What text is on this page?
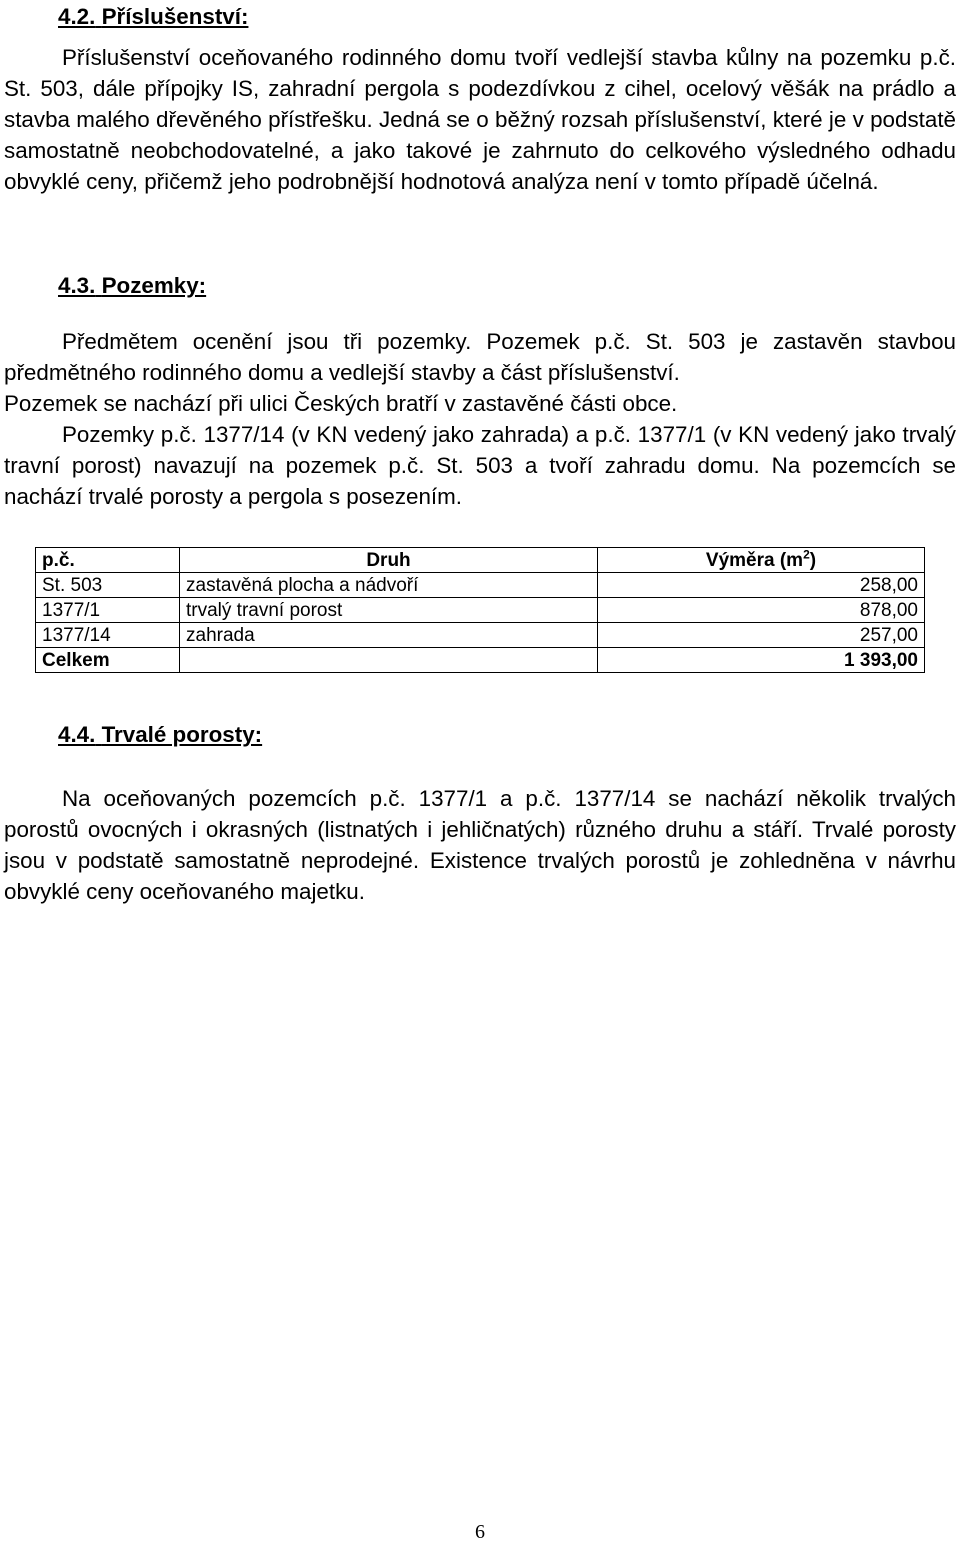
4.2. Příslušenství:

Příslušenství oceňovaného rodinného domu tvoří vedlejší stavba kůlny na pozemku p.č. St. 503, dále přípojky IS, zahradní pergola s podezdívkou z cihel, ocelový věšák na prádlo a stavba malého dřevěného přístřešku. Jedná se o běžný rozsah příslušenství, které je v podstatě samostatně neobchodovatelné, a jako takové je zahrnuto do celkového výsledného odhadu obvyklé ceny, přičemž jeho podrobnější hodnotová analýza není v tomto případě účelná.

4.3. Pozemky:

Předmětem ocenění jsou tři pozemky. Pozemek p.č. St. 503 je zastavěn stavbou předmětného rodinného domu a vedlejší stavby a část příslušenství.

Pozemek se nachází při ulici Českých bratří v zastavěné části obce.

Pozemky p.č. 1377/14 (v KN vedený jako zahrada) a p.č. 1377/1 (v KN vedený jako trvalý travní porost) navazují na pozemek p.č. St. 503 a tvoří zahradu domu. Na pozemcích se nachází trvalé porosty a pergola s posezením.

p.č.	Druh	Výměra $(m^2)$
St. 503	zastavěná plocha a nádvoří	258,00
1377/1	trvalý travní porost	878,00
1377/14	zahrada	257,00
Celkem		1 393,00
4.4. Trvalé porosty:

Na oceňovaných pozemcích p.č. 1377/1 a p.č. 1377/14 se nachází několik trvalých porostů ovocných i okrasných (listnatých i jehličnatých) různého druhu a stáří. Trvalé porosty jsou v podstatě samostatně neprodejné. Existence trvalých porostů je zohledněna v návrhu obvyklé ceny oceňovaného majetku.

6
